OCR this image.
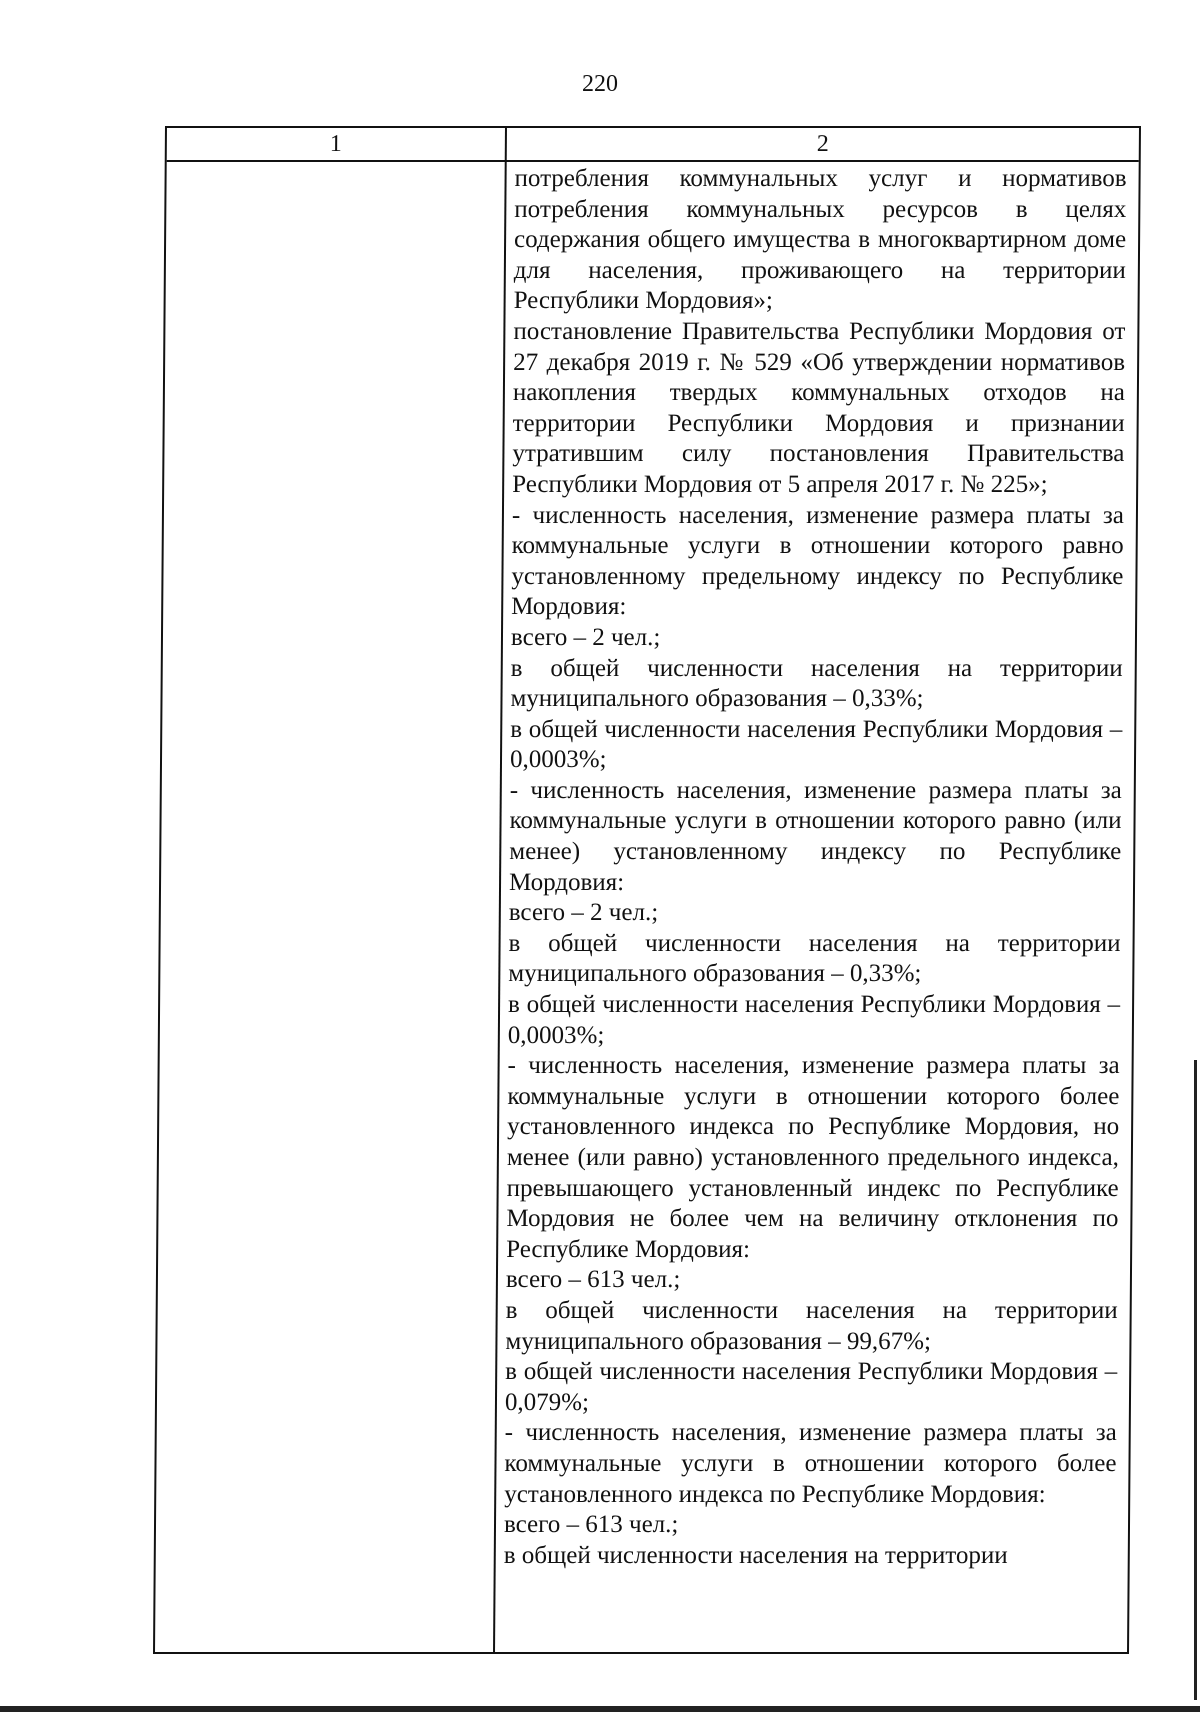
220
1	2

потребления коммунальных услуг и нормативов потребления коммунальных ресурсов в целях содержания общего имущества в многоквартирном доме для населения, проживающего на территории Республики Мордовия»;

постановление Правительства Республики Мордовия от 27 декабря 2019 г. № 529 «Об утверждении нормативов накопления твердых коммунальных отходов на территории Республики Мордовия и признании утратившим силу постановления Правительства Республики Мордовия от 5 апреля 2017 г. № 225»;

- численность населения, изменение размера платы за коммунальные услуги в отношении которого равно установленному предельному индексу по Республике Мордовия:

всего – 2 чел.;

в общей численности населения на территории муниципального образования – 0,33%;

в общей численности населения Республики Мордовия – 0,0003%;

- численность населения, изменение размера платы за коммунальные услуги в отношении которого равно (или менее) установленному индексу по Республике Мордовия:

всего – 2 чел.;

в общей численности населения на территории муниципального образования – 0,33%;

в общей численности населения Республики Мордовия – 0,0003%;

- численность населения, изменение размера платы за коммунальные услуги в отношении которого более установленного индекса по Республике Мордовия, но менее (или равно) установленного предельного индекса, превышающего установленный индекс по Республике Мордовия не более чем на величину отклонения по Республике Мордовия:

всего – 613 чел.;

в общей численности населения на территории муниципального образования – 99,67%;

в общей численности населения Республики Мордовия – 0,079%;

- численность населения, изменение размера платы за коммунальные услуги в отношении которого более установленного индекса по Республике Мордовия:

всего – 613 чел.;

в общей численности населения на территории
